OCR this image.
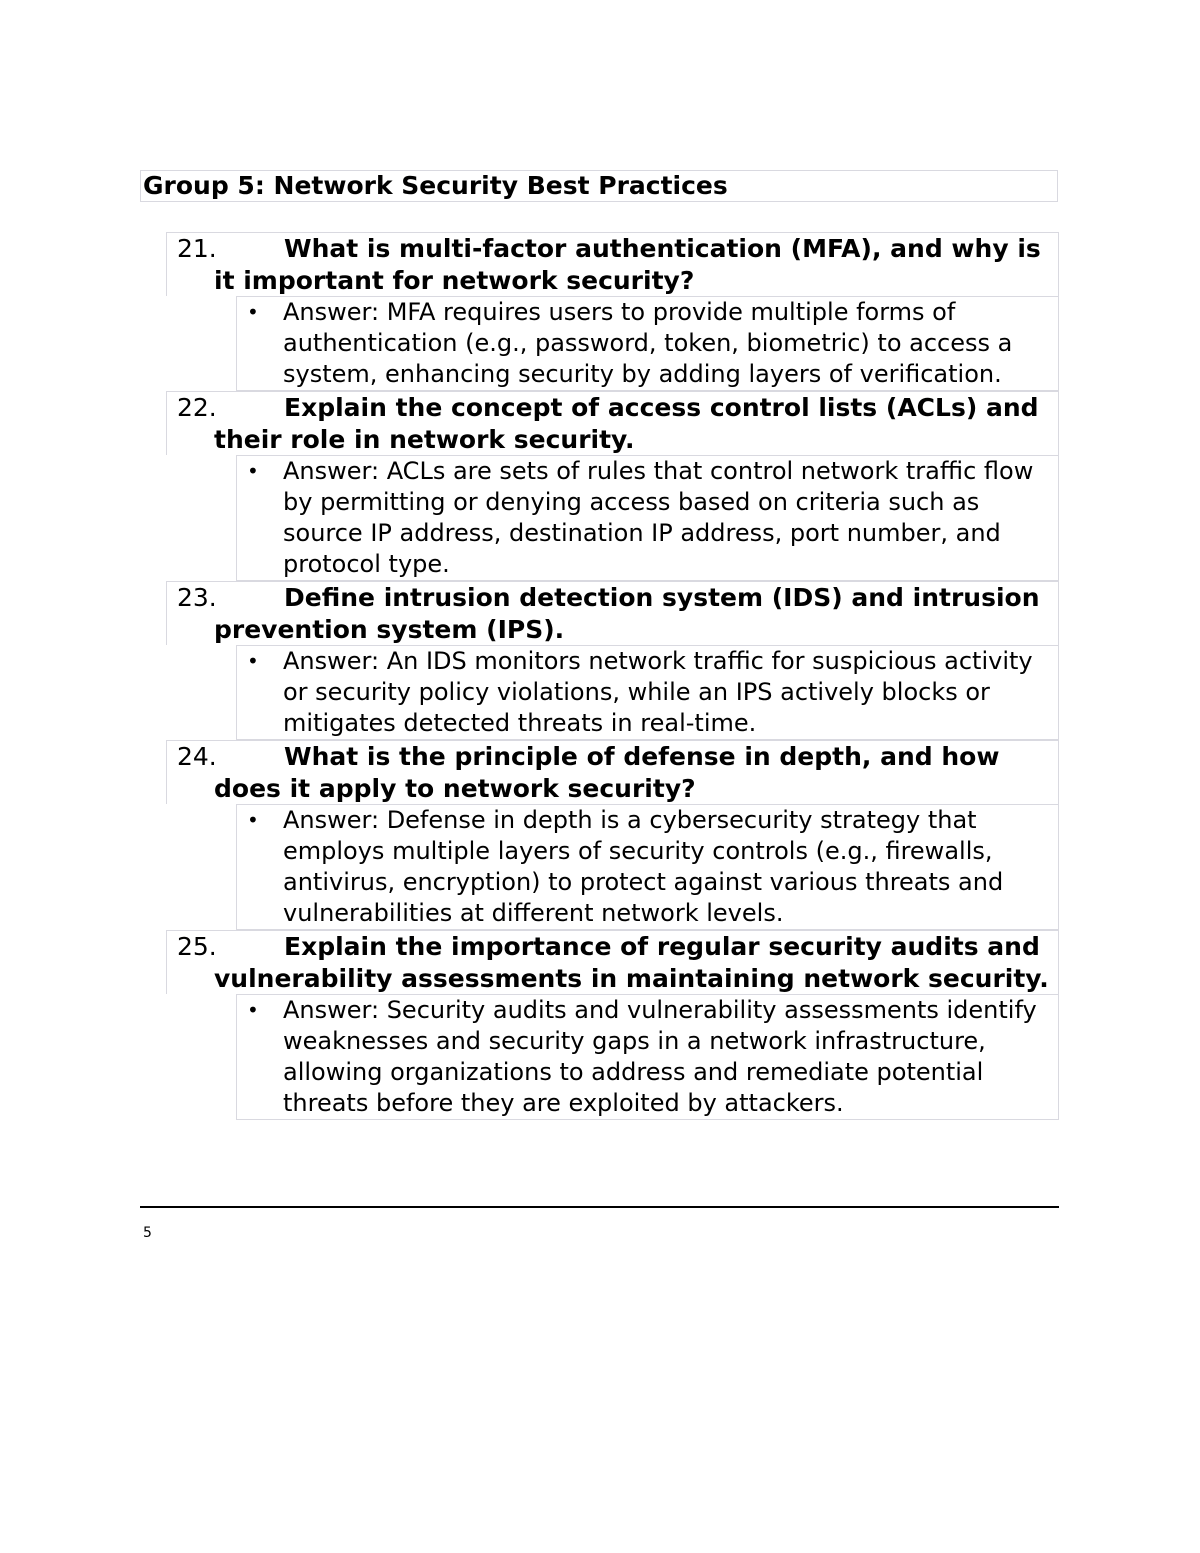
Group 5: Network Security Best Practices
21.	What is multi-factor authentication (MFA), and why is it important for network security?
• Answer: MFA requires users to provide multiple forms of authentication (e.g., password, token, biometric) to access a system, enhancing security by adding layers of verification.
22.	Explain the concept of access control lists (ACLs) and their role in network security.
• Answer: ACLs are sets of rules that control network traffic flow by permitting or denying access based on criteria such as source IP address, destination IP address, port number, and protocol type.
23.	Define intrusion detection system (IDS) and intrusion prevention system (IPS).
• Answer: An IDS monitors network traffic for suspicious activity or security policy violations, while an IPS actively blocks or mitigates detected threats in real-time.
24.	What is the principle of defense in depth, and how does it apply to network security?
• Answer: Defense in depth is a cybersecurity strategy that employs multiple layers of security controls (e.g., firewalls, antivirus, encryption) to protect against various threats and vulnerabilities at different network levels.
25.	Explain the importance of regular security audits and vulnerability assessments in maintaining network security.
• Answer: Security audits and vulnerability assessments identify weaknesses and security gaps in a network infrastructure, allowing organizations to address and remediate potential threats before they are exploited by attackers.
5
